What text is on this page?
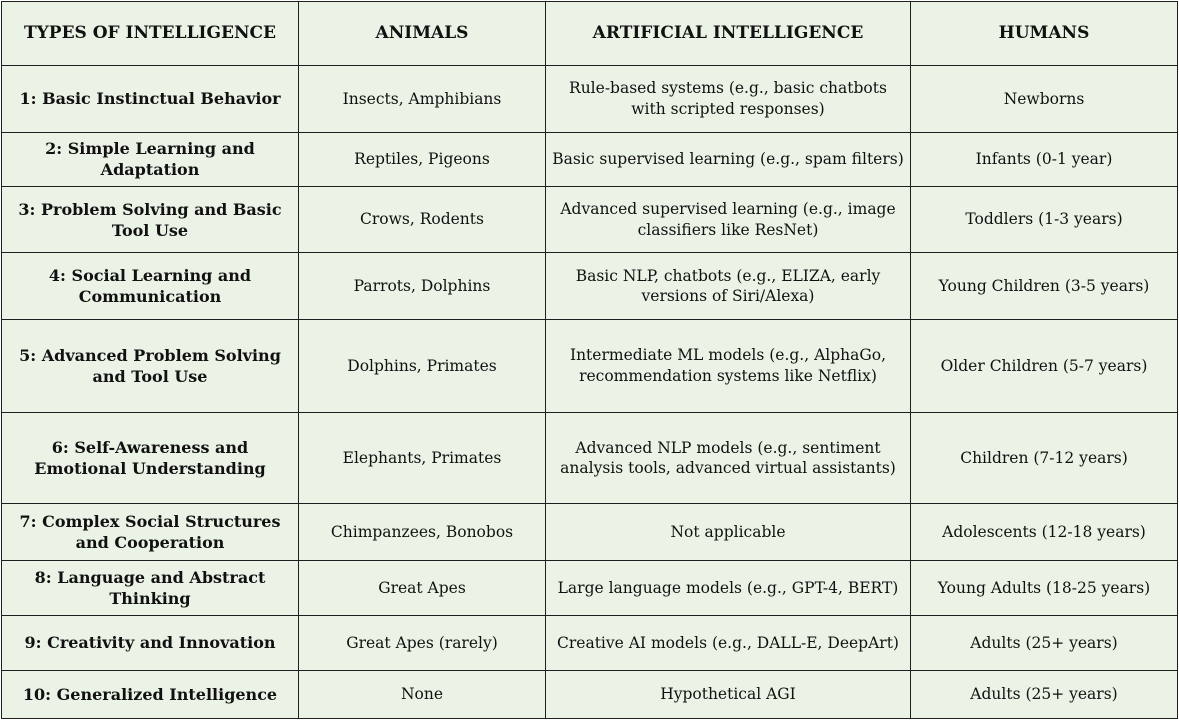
TYPES OF INTELLIGENCE	ANIMALS	ARTIFICIAL INTELLIGENCE	HUMANS
1: Basic Instinctual Behavior	Insects, Amphibians	Rule-based systems (e.g., basic chatbots with scripted responses)	Newborns
2: Simple Learning and Adaptation	Reptiles, Pigeons	Basic supervised learning (e.g., spam filters)	Infants (0-1 year)
3: Problem Solving and Basic Tool Use	Crows, Rodents	Advanced supervised learning (e.g., image classifiers like ResNet)	Toddlers (1-3 years)
4: Social Learning and Communication	Parrots, Dolphins	Basic NLP, chatbots (e.g., ELIZA, early versions of Siri/Alexa)	Young Children (3-5 years)
5: Advanced Problem Solving and Tool Use	Dolphins, Primates	Intermediate ML models (e.g., AlphaGo, recommendation systems like Netflix)	Older Children (5-7 years)
6: Self-Awareness and Emotional Understanding	Elephants, Primates	Advanced NLP models (e.g., sentiment analysis tools, advanced virtual assistants)	Children (7-12 years)
7: Complex Social Structures and Cooperation	Chimpanzees, Bonobos	Not applicable	Adolescents (12-18 years)
8: Language and Abstract Thinking	Great Apes	Large language models (e.g., GPT-4, BERT)	Young Adults (18-25 years)
9: Creativity and Innovation	Great Apes (rarely)	Creative AI models (e.g., DALL-E, DeepArt)	Adults (25+ years)
10: Generalized Intelligence	None	Hypothetical AGI	Adults (25+ years)
